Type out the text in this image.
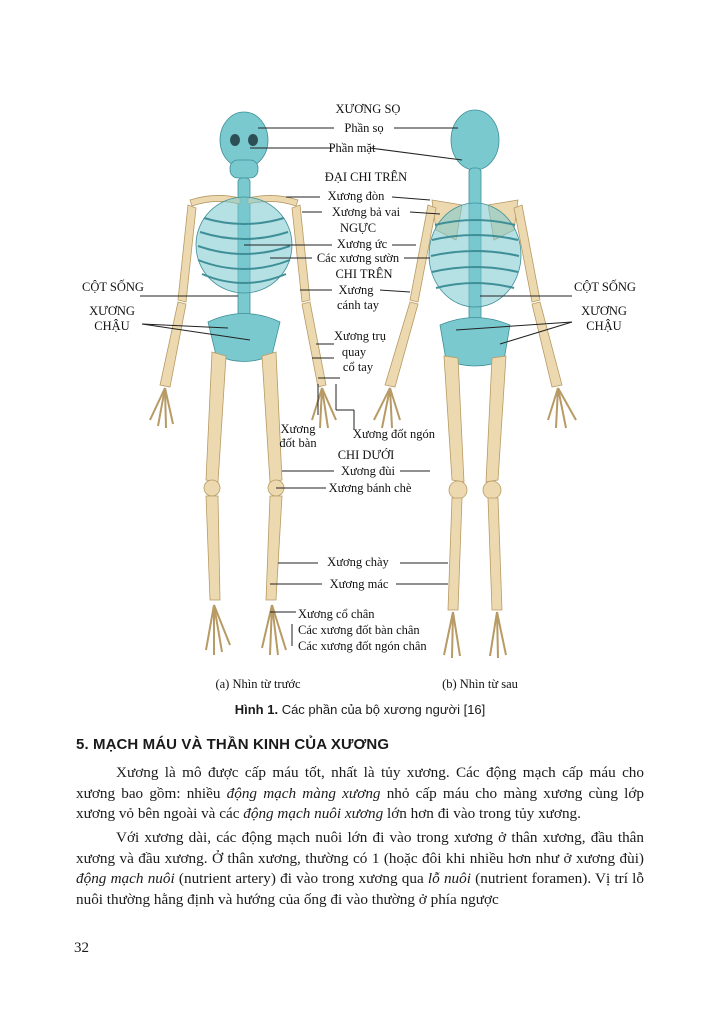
XƯƠNG SỌ
Phần sọ
Phần mặt
ĐẠI CHI TRÊN
Xương đòn
Xương bả vai
NGỰC
Xương ức
Các xương sườn
CHI TRÊN
Xương
cánh tay
Xương trụ
quay
cổ tay
Xương
đốt bàn
Xương đốt ngón
CHI DƯỚI
Xương đùi
Xương bánh chè
Xương chày
Xương mác
Xương cổ chân
Các xương đốt bàn chân
Các xương đốt ngón chân
CỘT SỐNG	CỘT SỐNG
XƯƠNG
CHẬU
XƯƠNG
CHẬU
(a) Nhìn từ trước	(b) Nhìn từ sau
Hình 1. Các phần của bộ xương người [16]
5. MẠCH MÁU VÀ THẦN KINH CỦA XƯƠNG

Xương là mô được cấp máu tốt, nhất là tủy xương. Các động mạch cấp máu cho xương bao gồm: nhiều động mạch màng xương nhỏ cấp máu cho màng xương cùng lớp xương vỏ bên ngoài và các động mạch nuôi xương lớn hơn đi vào trong tủy xương.

Với xương dài, các động mạch nuôi lớn đi vào trong xương ở thân xương, đầu thân xương và đầu xương. Ở thân xương, thường có 1 (hoặc đôi khi nhiều hơn như ở xương đùi) động mạch nuôi (nutrient artery) đi vào trong xương qua lỗ nuôi (nutrient foramen). Vị trí lỗ nuôi thường hằng định và hướng của ống đi vào thường ở phía ngược

32
